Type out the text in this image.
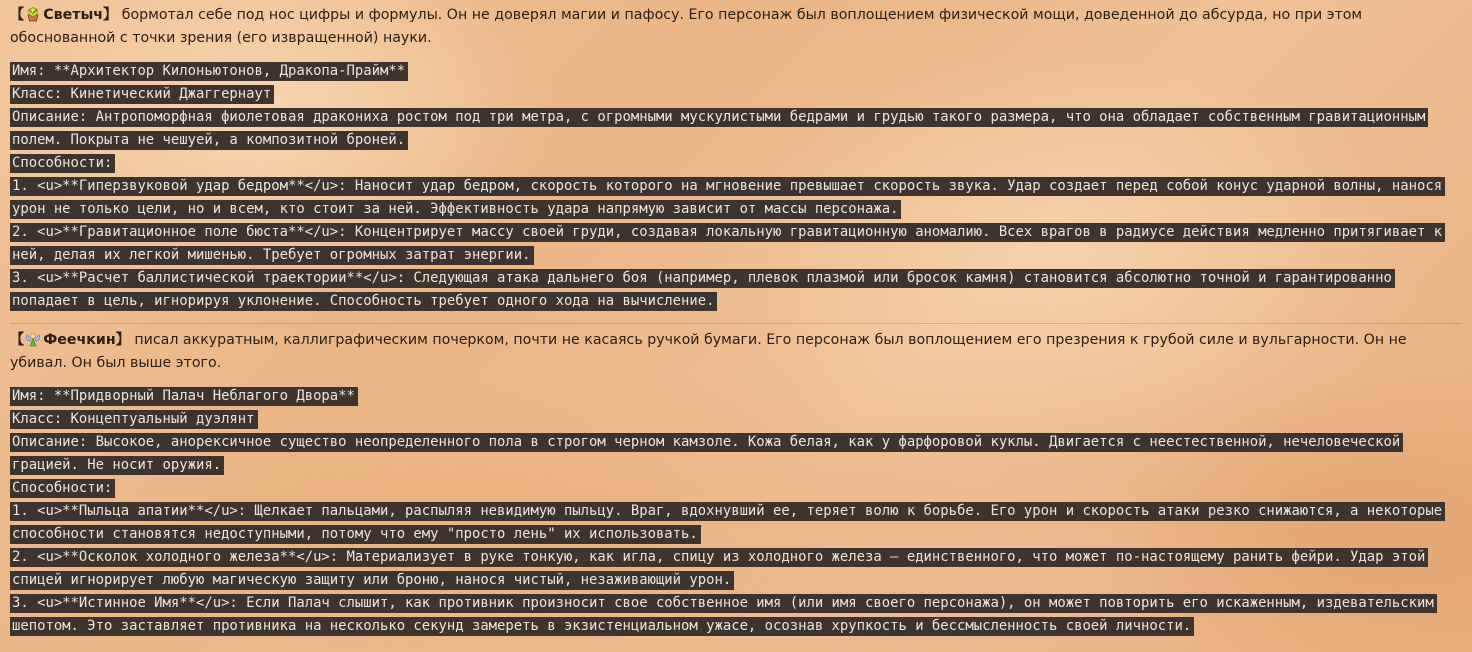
【 Светыч】 бормотал себе под нос цифры и формулы. Он не доверял магии и пафосу. Его персонаж был воплощением физической мощи, доведенной до абсурда, но при этом обоснованной с точки зрения (его извращенной) науки.

Имя: **Архитектор Килоньютонов, Дракопа-Прайм**
Класс: Кинетический Джаггернаут
Описание: Антропоморфная фиолетовая дракониха ростом под три метра, с огромными мускулистыми бедрами и грудью такого размера, что она обладает собственным гравитационным полем. Покрыта не чешуей, а композитной броней.
Способности:
1. <u>**Гиперзвуковой удар бедром**</u>: Наносит удар бедром, скорость которого на мгновение превышает скорость звука. Удар создает перед собой конус ударной волны, нанося урон не только цели, но и всем, кто стоит за ней. Эффективность удара напрямую зависит от массы персонажа.
2. <u>**Гравитационное поле бюста**</u>: Концентрирует массу своей груди, создавая локальную гравитационную аномалию. Всех врагов в радиусе действия медленно притягивает к ней, делая их легкой мишенью. Требует огромных затрат энергии.
3. <u>**Расчет баллистической траектории**</u>: Следующая атака дальнего боя (например, плевок плазмой или бросок камня) становится абсолютно точной и гарантированно попадает в цель, игнорируя уклонение. Способность требует одного хода на вычисление.

【 Феечкин】 писал аккуратным, каллиграфическим почерком, почти не касаясь ручкой бумаги. Его персонаж был воплощением его презрения к грубой силе и вульгарности. Он не убивал. Он был выше этого.

Имя: **Придворный Палач Неблагого Двора**
Класс: Концептуальный дуэлянт
Описание: Высокое, анорексичное существо неопределенного пола в строгом черном камзоле. Кожа белая, как у фарфоровой куклы. Двигается с неестественной, нечеловеческой грацией. Не носит оружия.
Способности:
1. <u>**Пыльца апатии**</u>: Щелкает пальцами, распыляя невидимую пыльцу. Враг, вдохнувший ее, теряет волю к борьбе. Его урон и скорость атаки резко снижаются, а некоторые способности становятся недоступными, потому что ему "просто лень" их использовать.
2. <u>**Осколок холодного железа**</u>: Материализует в руке тонкую, как игла, спицу из холодного железа — единственного, что может по-настоящему ранить фейри. Удар этой спицей игнорирует любую магическую защиту или броню, нанося чистый, незаживающий урон.
3. <u>**Истинное Имя**</u>: Если Палач слышит, как противник произносит свое собственное имя (или имя своего персонажа), он может повторить его искаженным, издевательским шепотом. Это заставляет противника на несколько секунд замереть в экзистенциальном ужасе, осознав хрупкость и бессмысленность своей личности.
